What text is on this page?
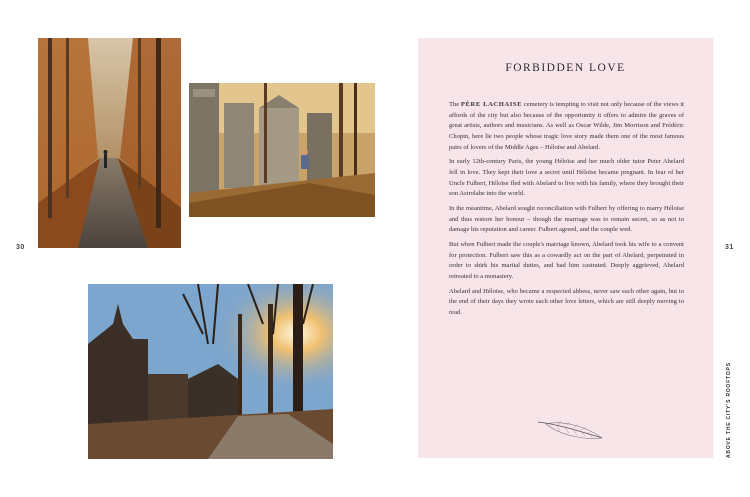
30	31
FORBIDDEN LOVE

The PÈRE LACHAISE cemetery is tempting to visit not only because of the views it affords of the city but also because of the opportunity it offers to admire the graves of great artists, authors and musicians. As well as Oscar Wilde, Jim Morrison and Frédéric Chopin, here lie two people whose tragic love story made them one of the most famous pairs of lovers of the Middle Ages – Héloïse and Abelard.

In early 12th-century Paris, the young Héloïse and her much older tutor Peter Abelard fell in love. They kept their love a secret until Héloïse became pregnant. In fear of her Uncle Fulbert, Héloïse fled with Abelard to live with his family, where they brought their son Astrolabe into the world.

In the meantime, Abelard sought reconciliation with Fulbert by offering to marry Héloïse and thus restore her honour – though the marriage was to remain secret, so as not to damage his reputation and career. Fulbert agreed, and the couple wed.

But when Fulbert made the couple's marriage known, Abelard took his wife to a convent for protection. Fulbert saw this as a cowardly act on the part of Abelard, perpetrated in order to shirk his marital duties, and had him castrated. Deeply aggrieved, Abelard retreated to a monastery.

Abelard and Héloïse, who became a respected abbess, never saw each other again, but to the end of their days they wrote each other love letters, which are still deeply moving to read.

ABOVE THE CITY'S ROOFTOPS
